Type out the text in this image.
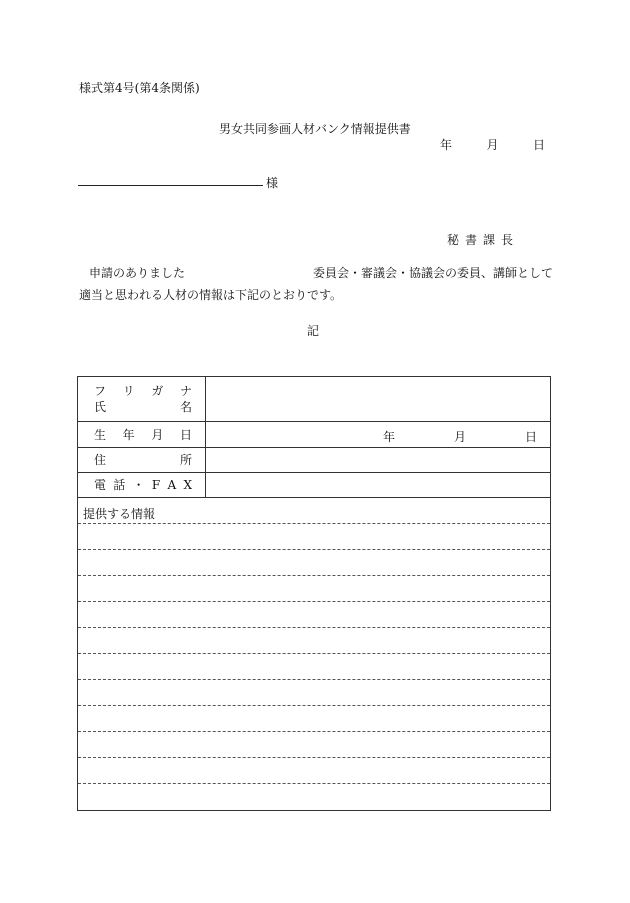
様式第4号(第4条関係)
男女共同参画人材バンク情報提供書
年	月	日
様
秘 書 課 長
申請のありました	委員会・審議会・協議会の委員、講師として
適当と思われる人材の情報は下記のとおりです。
記
フ リ ガ ナ
氏	名
生 年 月 日	年	月	日
住	所
電 話 ・ F A X
提供する情報
